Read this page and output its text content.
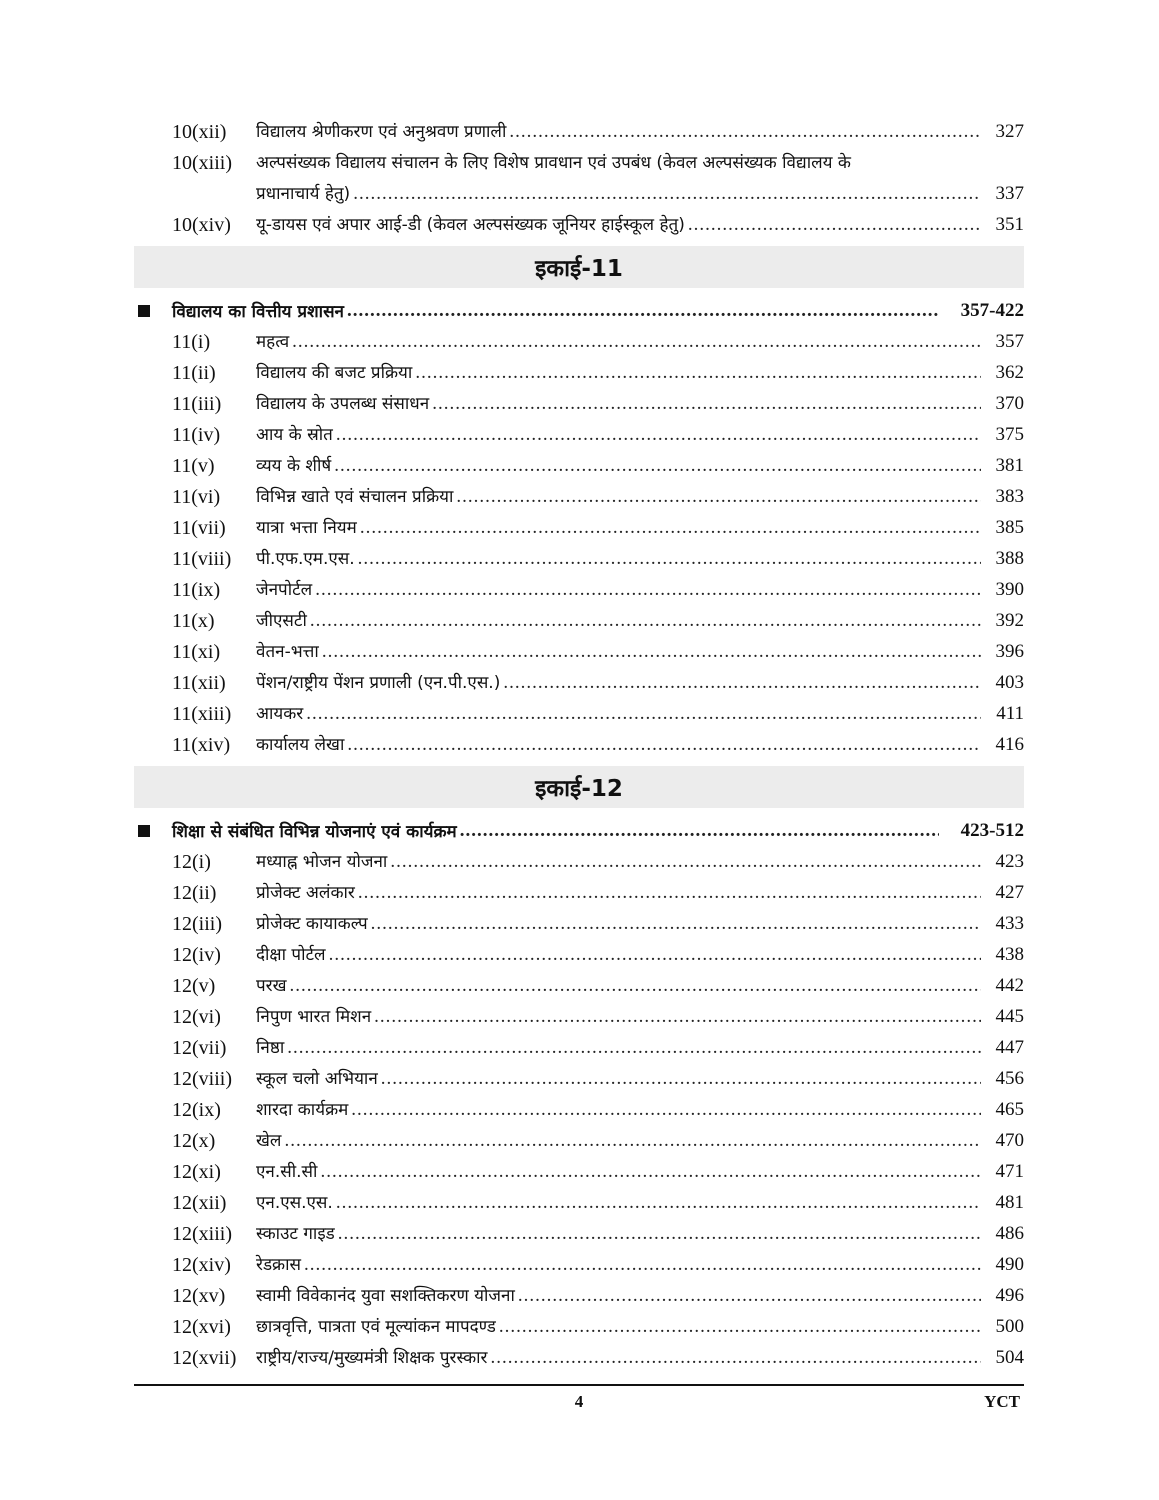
10(xii)	विद्यालय श्रेणीकरण एवं अनुश्रवण प्रणाली .....	327
10(xiii)	अल्पसंख्यक विद्यालय संचालन के लिए विशेष प्रावधान एवं उपबंध (केवल अल्पसंख्यक विद्यालय के
प्रधानाचार्य हेतु) .....	337
10(xiv)	यू-डायस एवं अपार आई-डी (केवल अल्पसंख्यक जूनियर हाईस्कूल हेतु) .....	351
इकाई-11
विद्यालय का वित्तीय प्रशासन .....	357-422
11(i)	महत्व .....	357
11(ii)	विद्यालय की बजट प्रक्रिया .....	362
11(iii)	विद्यालय के उपलब्ध संसाधन .....	370
11(iv)	आय के स्रोत .....	375
11(v)	व्यय के शीर्ष .....	381
11(vi)	विभिन्न खाते एवं संचालन प्रक्रिया .....	383
11(vii)	यात्रा भत्ता नियम .....	385
11(viii)	पी.एफ.एम.एस. .....	388
11(ix)	जेनपोर्टल .....	390
11(x)	जीएसटी .....	392
11(xi)	वेतन-भत्ता .....	396
11(xii)	पेंशन/राष्ट्रीय पेंशन प्रणाली (एन.पी.एस.) .....	403
11(xiii)	आयकर .....	411
11(xiv)	कार्यालय लेखा .....	416
इकाई-12
शिक्षा से संबंधित विभिन्न योजनाएं एवं कार्यक्रम .....	423-512
12(i)	मध्याह्न भोजन योजना .....	423
12(ii)	प्रोजेक्ट अलंकार .....	427
12(iii)	प्रोजेक्ट कायाकल्प .....	433
12(iv)	दीक्षा पोर्टल .....	438
12(v)	परख .....	442
12(vi)	निपुण भारत मिशन .....	445
12(vii)	निष्ठा .....	447
12(viii)	स्कूल चलो अभियान .....	456
12(ix)	शारदा कार्यक्रम .....	465
12(x)	खेल .....	470
12(xi)	एन.सी.सी .....	471
12(xii)	एन.एस.एस. .....	481
12(xiii)	स्काउट गाइड .....	486
12(xiv)	रेडक्रास .....	490
12(xv)	स्वामी विवेकानंद युवा सशक्तिकरण योजना .....	496
12(xvi)	छात्रवृत्ति, पात्रता एवं मूल्यांकन मापदण्ड .....	500
12(xvii)	राष्ट्रीय/राज्य/मुख्यमंत्री शिक्षक पुरस्कार .....	504
4	YCT
